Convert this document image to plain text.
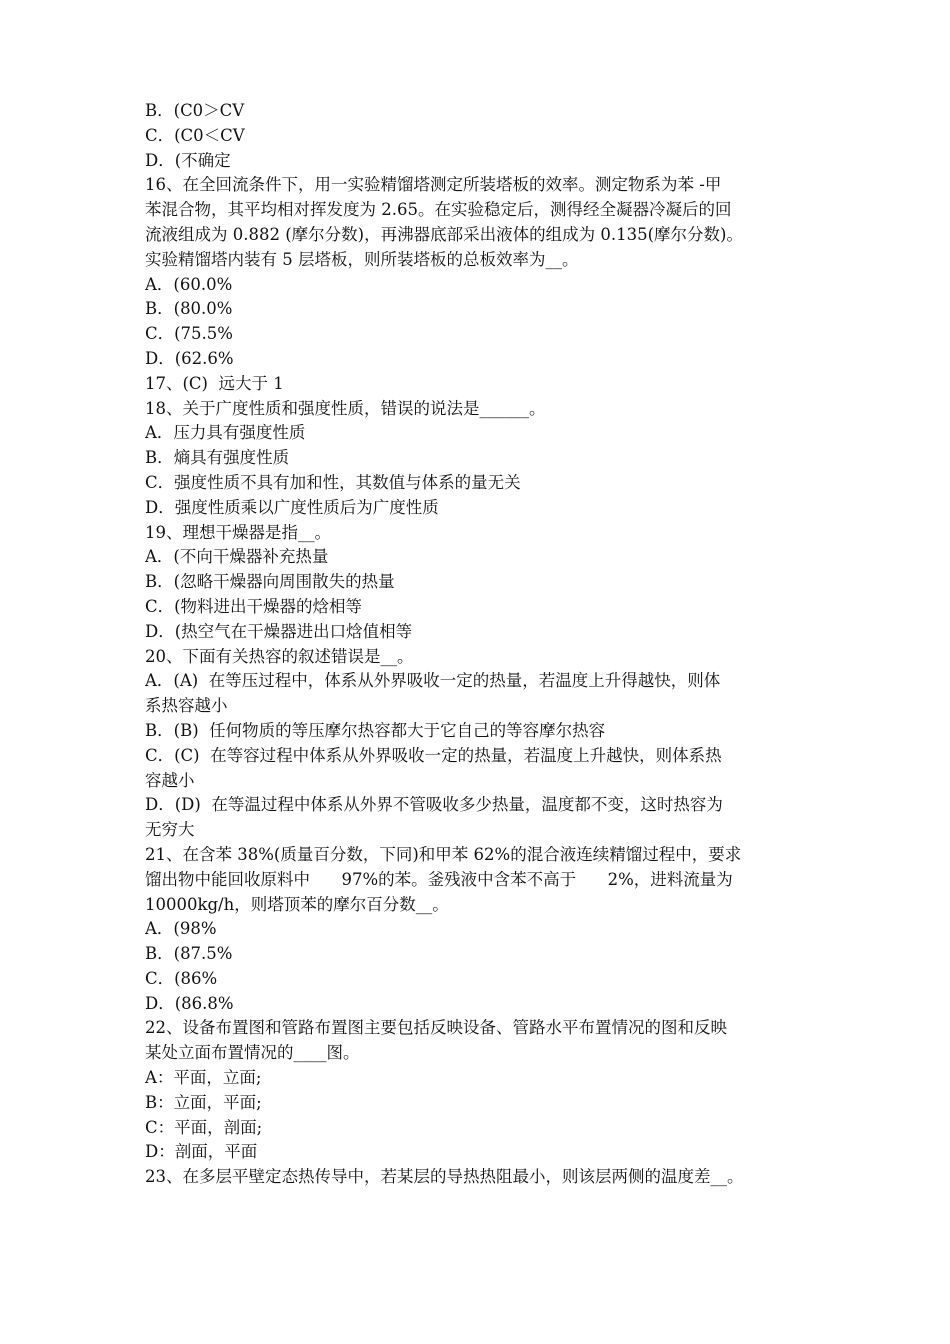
B．(C0＞CV
C．(C0＜CV
D．(不确定
16、在全回流条件下，用一实验精馏塔测定所装塔板的效率。测定物系为苯 -甲
苯混合物，其平均相对挥发度为 2.65。在实验稳定后，测得经全凝器冷凝后的回
流液组成为 0.882 (摩尔分数)，再沸器底部采出液体的组成为 0.135(摩尔分数)。
实验精馏塔内装有 5 层塔板，则所装塔板的总板效率为__。
A．(60.0%
B．(80.0%
C．(75.5%
D．(62.6%
17、(C)  远大于 1
18、关于广度性质和强度性质，错误的说法是______。
A．压力具有强度性质
B．熵具有强度性质
C．强度性质不具有加和性，其数值与体系的量无关
D．强度性质乘以广度性质后为广度性质
19、理想干燥器是指__。
A．(不向干燥器补充热量
B．(忽略干燥器向周围散失的热量
C．(物料进出干燥器的焓相等
D．(热空气在干燥器进出口焓值相等
20、下面有关热容的叙述错误是__。
A．(A)  在等压过程中，体系从外界吸收一定的热量，若温度上升得越快，则体
系热容越小
B．(B)  任何物质的等压摩尔热容都大于它自己的等容摩尔热容
C．(C)  在等容过程中体系从外界吸收一定的热量，若温度上升越快，则体系热
容越小
D．(D)  在等温过程中体系从外界不管吸收多少热量，温度都不变，这时热容为
无穷大
21、在含苯 38%(质量百分数，下同)和甲苯 62%的混合液连续精馏过程中，要求
馏出物中能回收原料中      97%的苯。釜残液中含苯不高于      2%，进料流量为
10000kg/h，则塔顶苯的摩尔百分数__。
A．(98%
B．(87.5%
C．(86%
D．(86.8%
22、设备布置图和管路布置图主要包括反映设备、管路水平布置情况的图和反映
某处立面布置情况的____图。
A：平面，立面;
B：立面，平面;
C：平面，剖面;
D：剖面，平面
23、在多层平壁定态热传导中，若某层的导热热阻最小，则该层两侧的温度差__。
